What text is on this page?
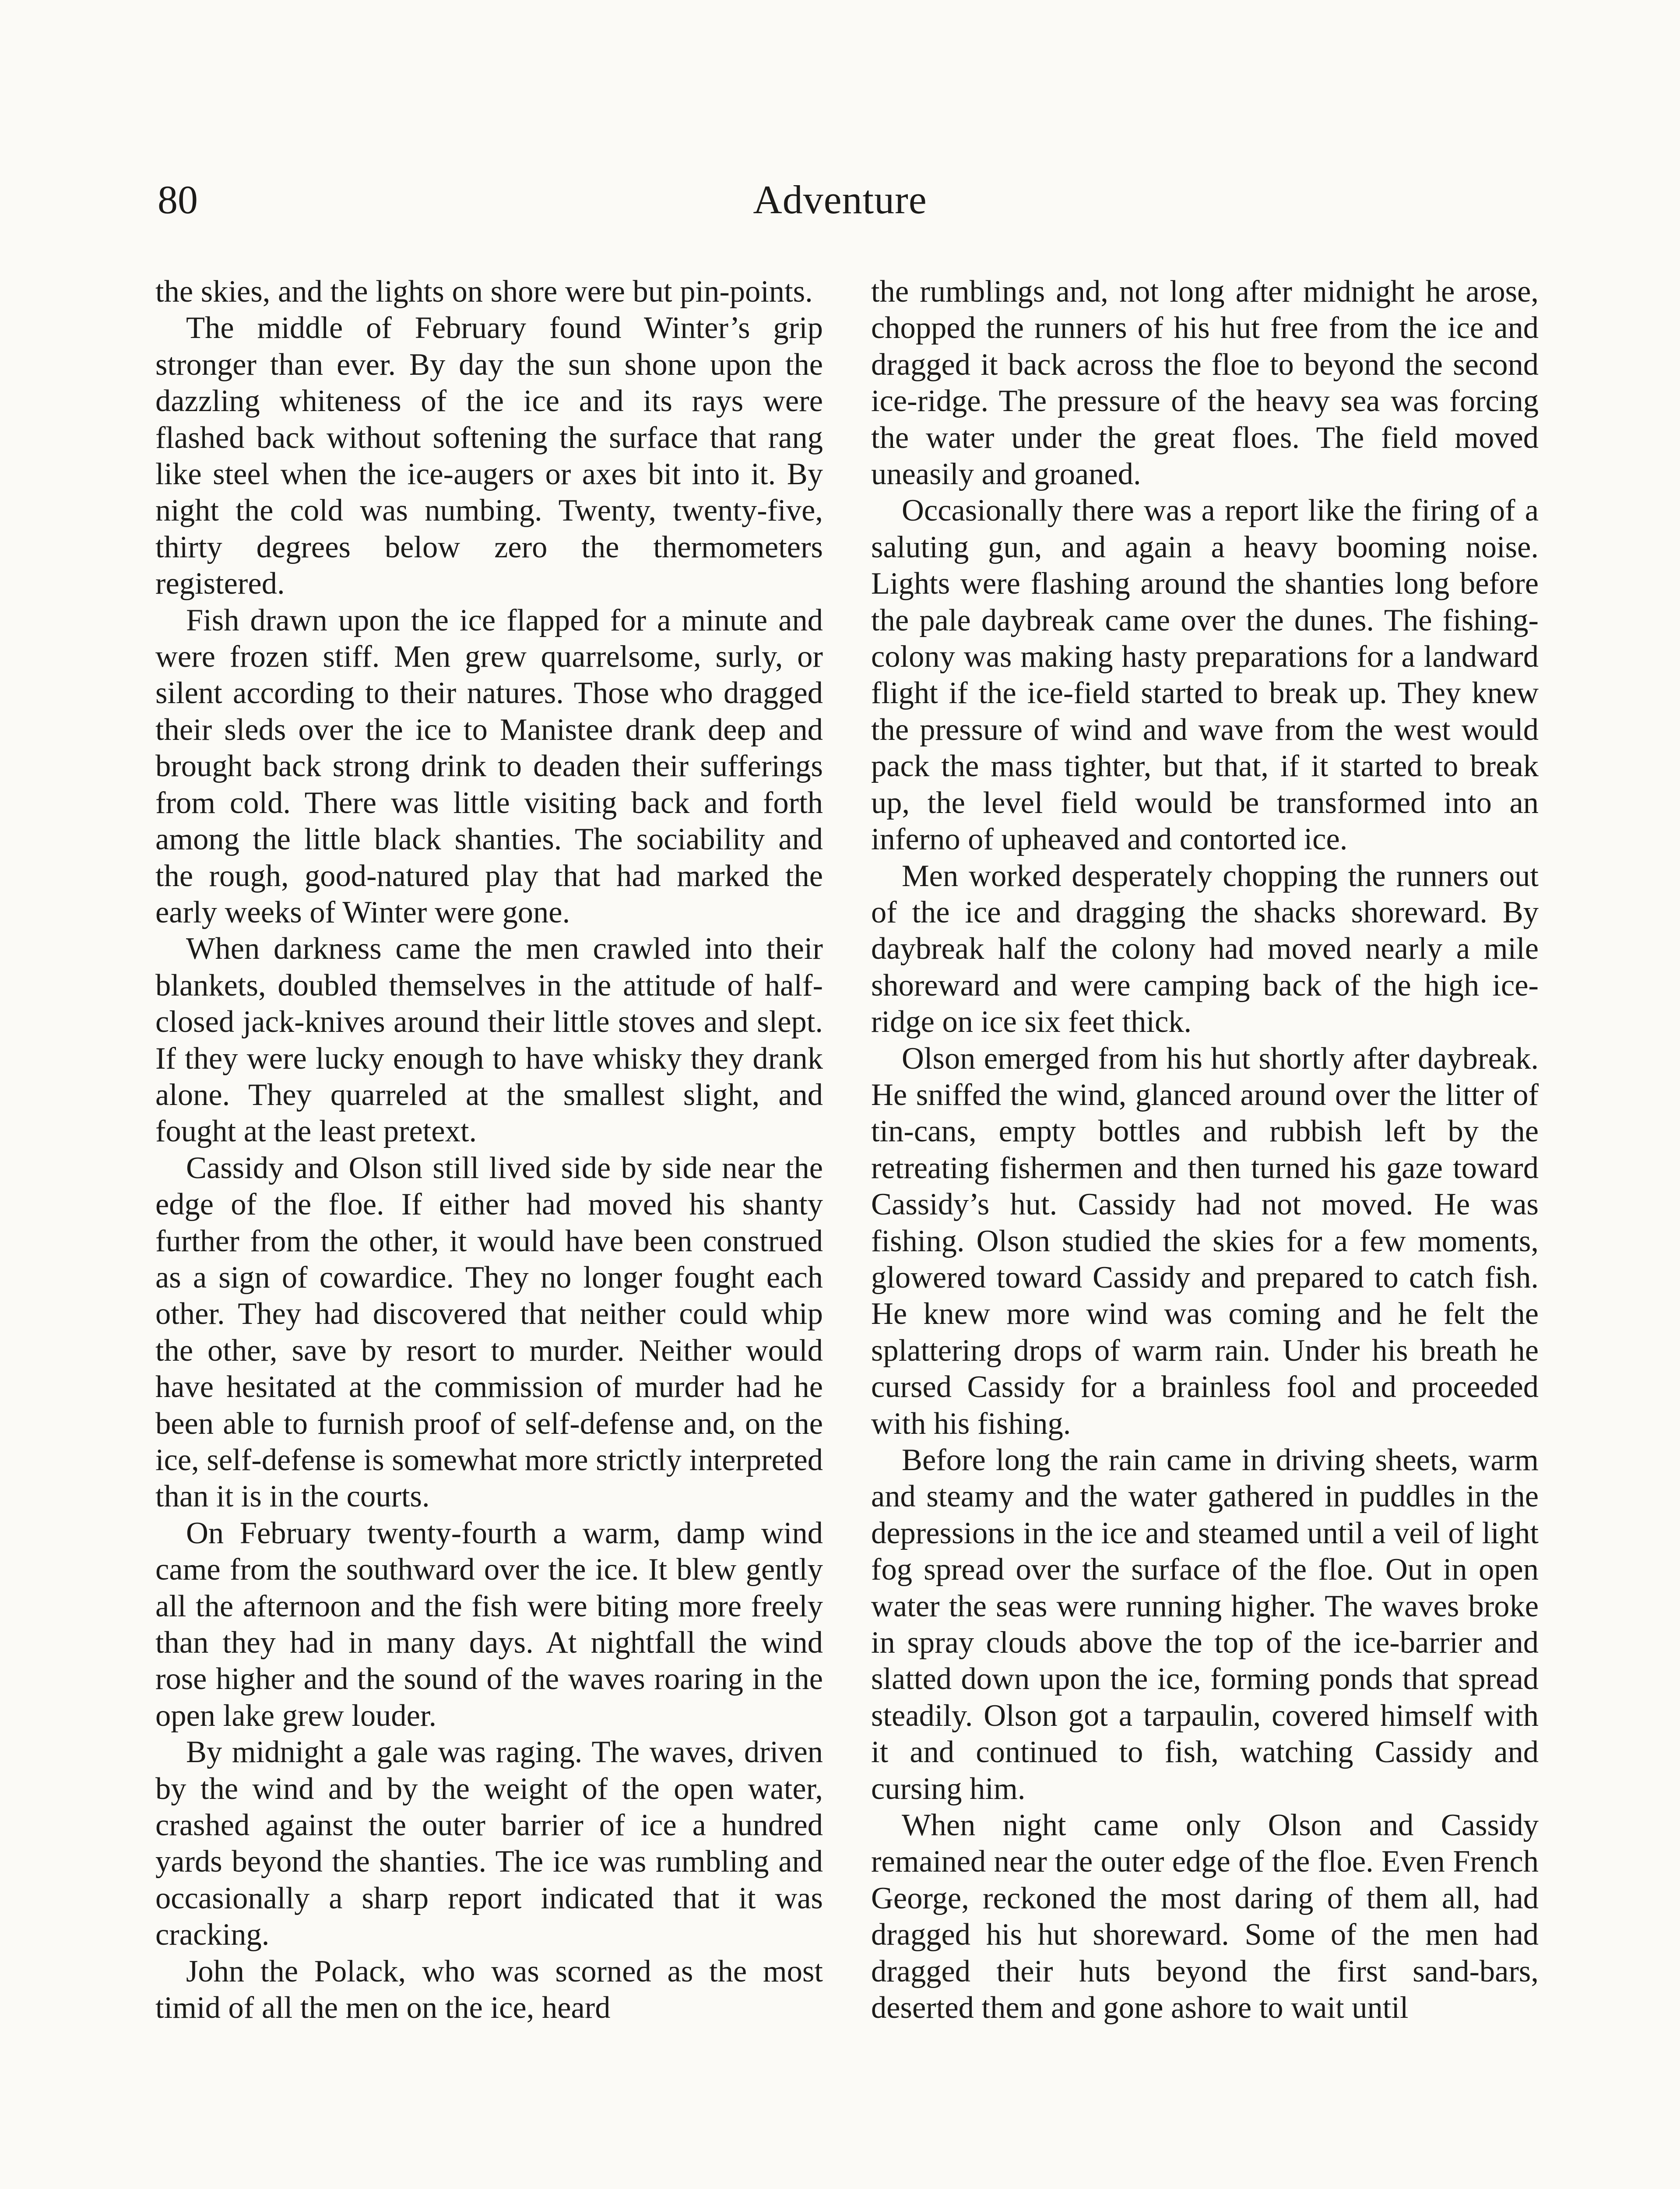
80	Adventure

the skies, and the lights on shore were but pin-points.

The middle of February found Winter’s grip stronger than ever. By day the sun shone upon the dazzling whiteness of the ice and its rays were flashed back without softening the surface that rang like steel when the ice-augers or axes bit into it. By night the cold was numbing. Twenty, twenty-five, thirty degrees below zero the thermometers registered.

Fish drawn upon the ice flapped for a minute and were frozen stiff. Men grew quarrelsome, surly, or silent according to their natures. Those who dragged their sleds over the ice to Manistee drank deep and brought back strong drink to deaden their sufferings from cold. There was little visiting back and forth among the little black shanties. The sociability and the rough, good-natured play that had marked the early weeks of Winter were gone.

When darkness came the men crawled into their blankets, doubled themselves in the attitude of half-closed jack-knives around their little stoves and slept. If they were lucky enough to have whisky they drank alone. They quarreled at the smallest slight, and fought at the least pretext.

Cassidy and Olson still lived side by side near the edge of the floe. If either had moved his shanty further from the other, it would have been construed as a sign of cowardice. They no longer fought each other. They had discovered that neither could whip the other, save by resort to murder. Neither would have hesitated at the commission of murder had he been able to furnish proof of self-defense and, on the ice, self-defense is somewhat more strictly interpreted than it is in the courts.

On February twenty-fourth a warm, damp wind came from the southward over the ice. It blew gently all the afternoon and the fish were biting more freely than they had in many days. At nightfall the wind rose higher and the sound of the waves roaring in the open lake grew louder.

By midnight a gale was raging. The waves, driven by the wind and by the weight of the open water, crashed against the outer barrier of ice a hundred yards beyond the shanties. The ice was rumbling and occasionally a sharp report indicated that it was cracking.

John the Polack, who was scorned as the most timid of all the men on the ice, heard

the rumblings and, not long after midnight he arose, chopped the runners of his hut free from the ice and dragged it back across the floe to beyond the second ice-ridge. The pressure of the heavy sea was forcing the water under the great floes. The field moved uneasily and groaned.

Occasionally there was a report like the firing of a saluting gun, and again a heavy booming noise. Lights were flashing around the shanties long before the pale daybreak came over the dunes. The fishing-colony was making hasty preparations for a landward flight if the ice-field started to break up. They knew the pressure of wind and wave from the west would pack the mass tighter, but that, if it started to break up, the level field would be transformed into an inferno of upheaved and contorted ice.

Men worked desperately chopping the runners out of the ice and dragging the shacks shoreward. By daybreak half the colony had moved nearly a mile shoreward and were camping back of the high ice-ridge on ice six feet thick.

Olson emerged from his hut shortly after daybreak. He sniffed the wind, glanced around over the litter of tin-cans, empty bottles and rubbish left by the retreating fishermen and then turned his gaze toward Cassidy’s hut. Cassidy had not moved. He was fishing. Olson studied the skies for a few moments, glowered toward Cassidy and prepared to catch fish. He knew more wind was coming and he felt the splattering drops of warm rain. Under his breath he cursed Cassidy for a brainless fool and proceeded with his fishing.

Before long the rain came in driving sheets, warm and steamy and the water gathered in puddles in the depressions in the ice and steamed until a veil of light fog spread over the surface of the floe. Out in open water the seas were running higher. The waves broke in spray clouds above the top of the ice-barrier and slatted down upon the ice, forming ponds that spread steadily. Olson got a tarpaulin, covered himself with it and continued to fish, watching Cassidy and cursing him.

When night came only Olson and Cassidy remained near the outer edge of the floe. Even French George, reckoned the most daring of them all, had dragged his hut shoreward. Some of the men had dragged their huts beyond the first sand-bars, deserted them and gone ashore to wait until
